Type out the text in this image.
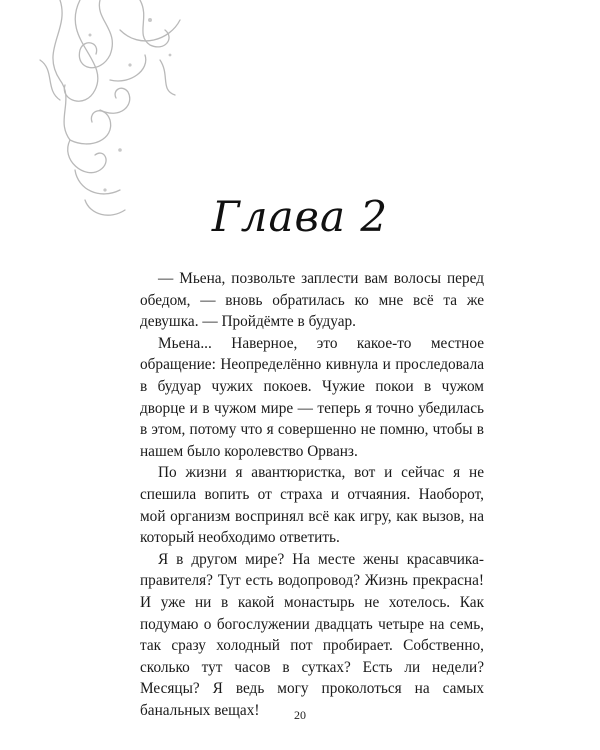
Глава 2

— Мьена, позвольте заплести вам волосы перед обедом, — вновь обратилась ко мне всё та же девушка. — Пройдёмте в будуар.

Мьена... Наверное, это какое-то местное обращение: Неопределённо кивнула и проследовала в будуар чужих покоев. Чужие покои в чужом дворце и в чужом мире — теперь я точно убедилась в этом, потому что я совершенно не помню, чтобы в нашем было королевство Орванз.

По жизни я авантюристка, вот и сейчас я не спешила вопить от страха и отчаяния. Наоборот, мой организм воспринял всё как игру, как вызов, на который необходимо ответить.

Я в другом мире? На месте жены красавчика-правителя? Тут есть водопровод? Жизнь прекрасна! И уже ни в какой монастырь не хотелось. Как подумаю о богослужении двадцать четыре на семь, так сразу холодный пот пробирает. Собственно, сколько тут часов в сутках? Есть ли недели? Месяцы? Я ведь могу проколоться на самых банальных вещах!	20
